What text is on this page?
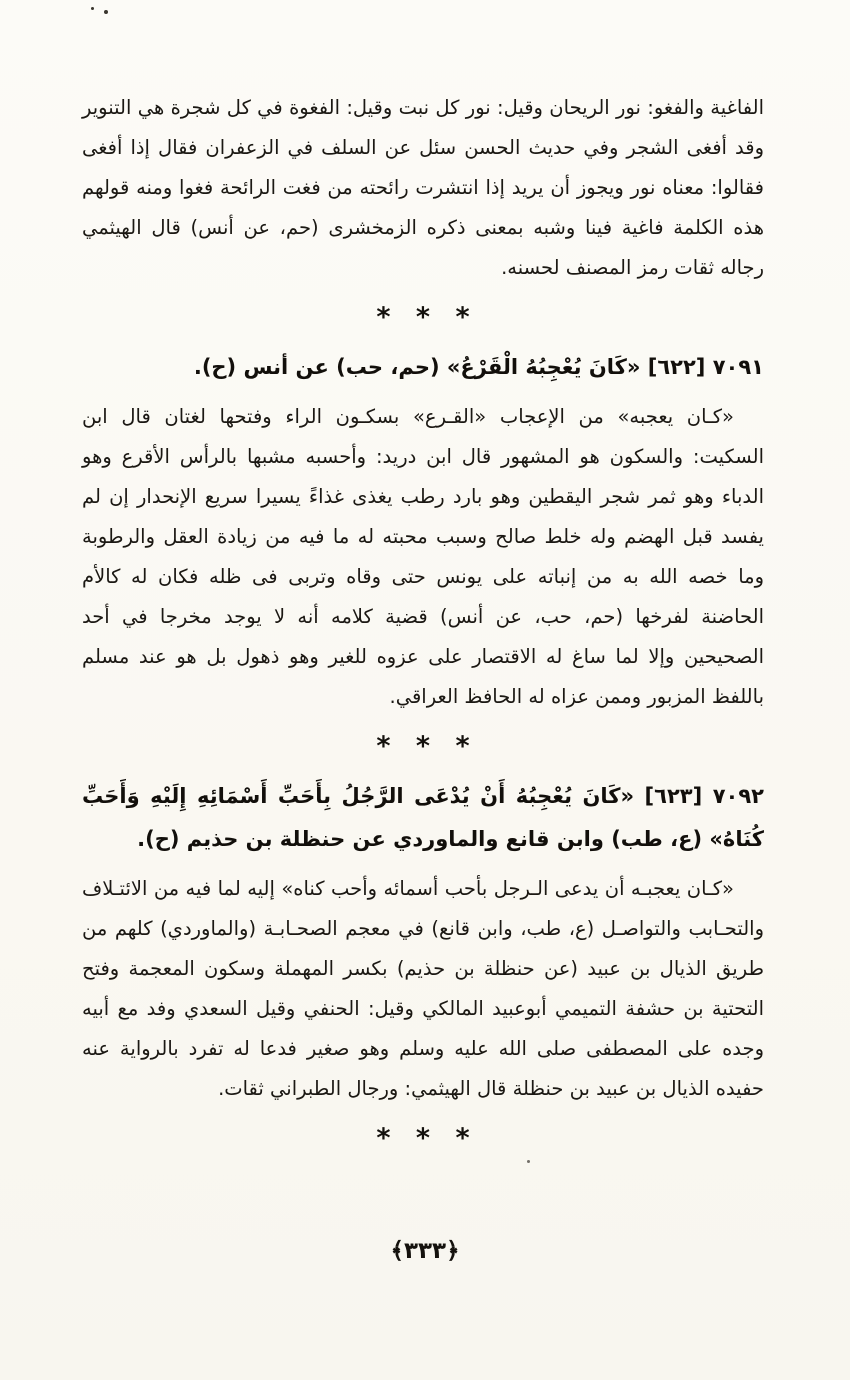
الفاغية والفغو: نور الريحان وقيل: نور كل نبت وقيل: الفغوة في كل شجرة هي التنوير وقد أفغى الشجر وفي حديث الحسن سئل عن السلف في الزعفران فقال إذا أفغى فقالوا: معناه نور ويجوز أن يريد إذا انتشرت رائحته من فغت الرائحة فغوا ومنه قولهم هذه الكلمة فاغية فينا وشبه بمعنى ذكره الزمخشرى (حم، عن أنس) قال الهيثمي رجاله ثقات رمز المصنف لحسنه.

* * *

٧٠٩١ [٦٢٢] «كَانَ يُعْجِبُهُ الْقَرْعُ» (حم، حب) عن أنس (ح).

«كـان يعجبه» من الإعجاب «القـرع» بسكـون الراء وفتحها لغتان قال ابن السكيت: والسكون هو المشهور قال ابن دريد: وأحسبه مشبها بالرأس الأقرع وهو الدباء وهو ثمر شجر اليقطين وهو بارد رطب يغذى غذاءً يسيرا سريع الإنحدار إن لم يفسد قبل الهضم وله خلط صالح وسبب محبته له ما فيه من زيادة العقل والرطوبة وما خصه الله به من إنباته على يونس حتى وقاه وتربى فى ظله فكان له كالأم الحاضنة لفرخها (حم، حب، عن أنس) قضية كلامه أنه لا يوجد مخرجا في أحد الصحيحين وإلا لما ساغ له الاقتصار على عزوه للغير وهو ذهول بل هو عند مسلم باللفظ المزبور وممن عزاه له الحافظ العراقي.

* * *

٧٠٩٢ [٦٢٣] «كَانَ يُعْجِبُهُ أَنْ يُدْعَى الرَّجُلُ بِأَحَبِّ أَسْمَائِهِ إِلَيْهِ وَأَحَبِّ كُنَاهُ» (ع، طب) وابن قانع والماوردي عن حنظلة بن حذيم (ح).

«كـان يعجبـه أن يدعى الـرجل بأحب أسمائه وأحب كناه» إليه لما فيه من الائتـلاف والتحـابب والتواصـل (ع، طب، وابن قانع) في معجم الصحـابـة (والماوردي) كلهم من طريق الذيال بن عبيد (عن حنظلة بن حذيم) بكسر المهملة وسكون المعجمة وفتح التحتية بن حشفة التميمي أبوعبيد المالكي وقيل: الحنفي وقيل السعدي وفد مع أبيه وجده على المصطفى صلى الله عليه وسلم وهو صغير فدعا له تفرد بالرواية عنه حفيده الذيال بن عبيد بن حنظلة قال الهيثمي: ورجال الطبراني ثقات.

* * *
﴿٣٣٣﴾
